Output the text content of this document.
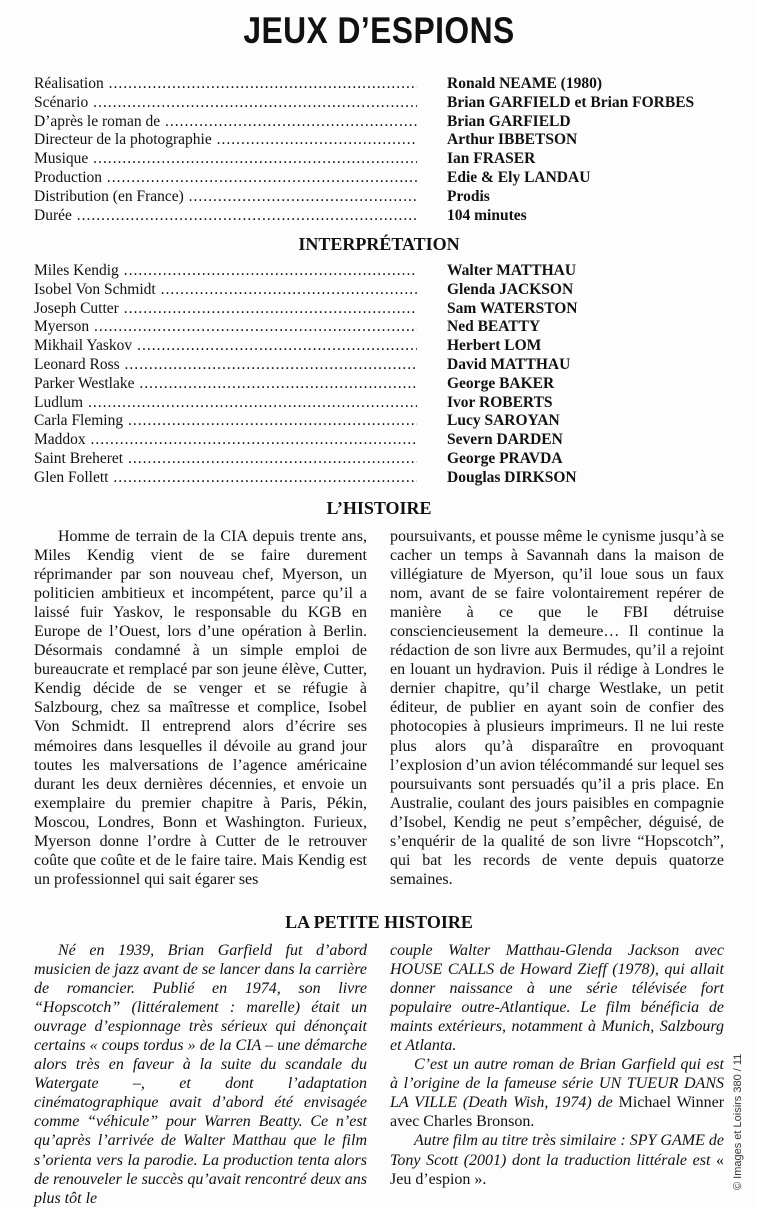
JEUX D’ESPIONS
Réalisation .....	Ronald NEAME (1980)
Scénario .....	Brian GARFIELD et Brian FORBES
D’après le roman de .....	Brian GARFIELD
Directeur de la photographie .....	Arthur IBBETSON
Musique .....	Ian FRASER
Production .....	Edie & Ely LANDAU
Distribution (en France) .....	Prodis
Durée .....	104 minutes
INTERPRÉTATION
Miles Kendig .....	Walter MATTHAU
Isobel Von Schmidt .....	Glenda JACKSON
Joseph Cutter .....	Sam WATERSTON
Myerson .....	Ned BEATTY
Mikhail Yaskov .....	Herbert LOM
Leonard Ross .....	David MATTHAU
Parker Westlake .....	George BAKER
Ludlum .....	Ivor ROBERTS
Carla Fleming .....	Lucy SAROYAN
Maddox .....	Severn DARDEN
Saint Breheret .....	George PRAVDA
Glen Follett .....	Douglas DIRKSON
L’HISTOIRE

Homme de terrain de la CIA depuis trente ans, Miles Kendig vient de se faire durement réprimander par son nouveau chef, Myerson, un politicien ambitieux et incompétent, parce qu’il a laissé fuir Yaskov, le responsable du KGB en Europe de l’Ouest, lors d’une opération à Berlin. Désormais condamné à un simple emploi de bureaucrate et remplacé par son jeune élève, Cutter, Kendig décide de se venger et se réfugie à Salzbourg, chez sa maîtresse et complice, Isobel Von Schmidt. Il entreprend alors d’écrire ses mémoires dans lesquelles il dévoile au grand jour toutes les malversations de l’agence américaine durant les deux dernières décennies, et envoie un exemplaire du premier chapitre à Paris, Pékin, Moscou, Londres, Bonn et Washington. Furieux, Myerson donne l’ordre à Cutter de le retrouver coûte que coûte et de le faire taire. Mais Kendig est un professionnel qui sait égarer ses

poursuivants, et pousse même le cynisme jusqu’à se cacher un temps à Savannah dans la maison de villégiature de Myerson, qu’il loue sous un faux nom, avant de se faire volontairement repérer de manière à ce que le FBI détruise consciencieusement la demeure… Il continue la rédaction de son livre aux Bermudes, qu’il a rejoint en louant un hydravion. Puis il rédige à Londres le dernier chapitre, qu’il charge Westlake, un petit éditeur, de publier en ayant soin de confier des photocopies à plusieurs imprimeurs. Il ne lui reste plus alors qu’à disparaître en provoquant l’explosion d’un avion télécommandé sur lequel ses poursuivants sont persuadés qu’il a pris place. En Australie, coulant des jours paisibles en compagnie d’Isobel, Kendig ne peut s’empêcher, déguisé, de s’enquérir de la qualité de son livre “Hopscotch”, qui bat les records de vente depuis quatorze semaines.

LA PETITE HISTOIRE

Né en 1939, Brian Garfield fut d’abord musicien de jazz avant de se lancer dans la carrière de romancier. Publié en 1974, son livre “Hopscotch” (littéralement : marelle) était un ouvrage d’espionnage très sérieux qui dénonçait certains « coups tordus » de la CIA – une démarche alors très en faveur à la suite du scandale du Watergate –, et dont l’adaptation cinématographique avait d’abord été envisagée comme “véhicule” pour Warren Beatty. Ce n’est qu’après l’arrivée de Walter Matthau que le film s’orienta vers la parodie. La production tenta alors de renouveler le succès qu’avait rencontré deux ans plus tôt le

couple Walter Matthau-Glenda Jackson avec HOUSE CALLS de Howard Zieff (1978), qui allait donner naissance à une série télévisée fort populaire outre-Atlantique. Le film bénéficia de maints extérieurs, notamment à Munich, Salzbourg et Atlanta.

C’est un autre roman de Brian Garfield qui est à l’origine de la fameuse série UN TUEUR DANS LA VILLE (Death Wish, 1974) de Michael Winner avec Charles Bronson.

Autre film au titre très similaire : SPY GAME de Tony Scott (2001) dont la traduction littérale est « Jeu d’espion ».	© Images et Loisirs 380 / 11
